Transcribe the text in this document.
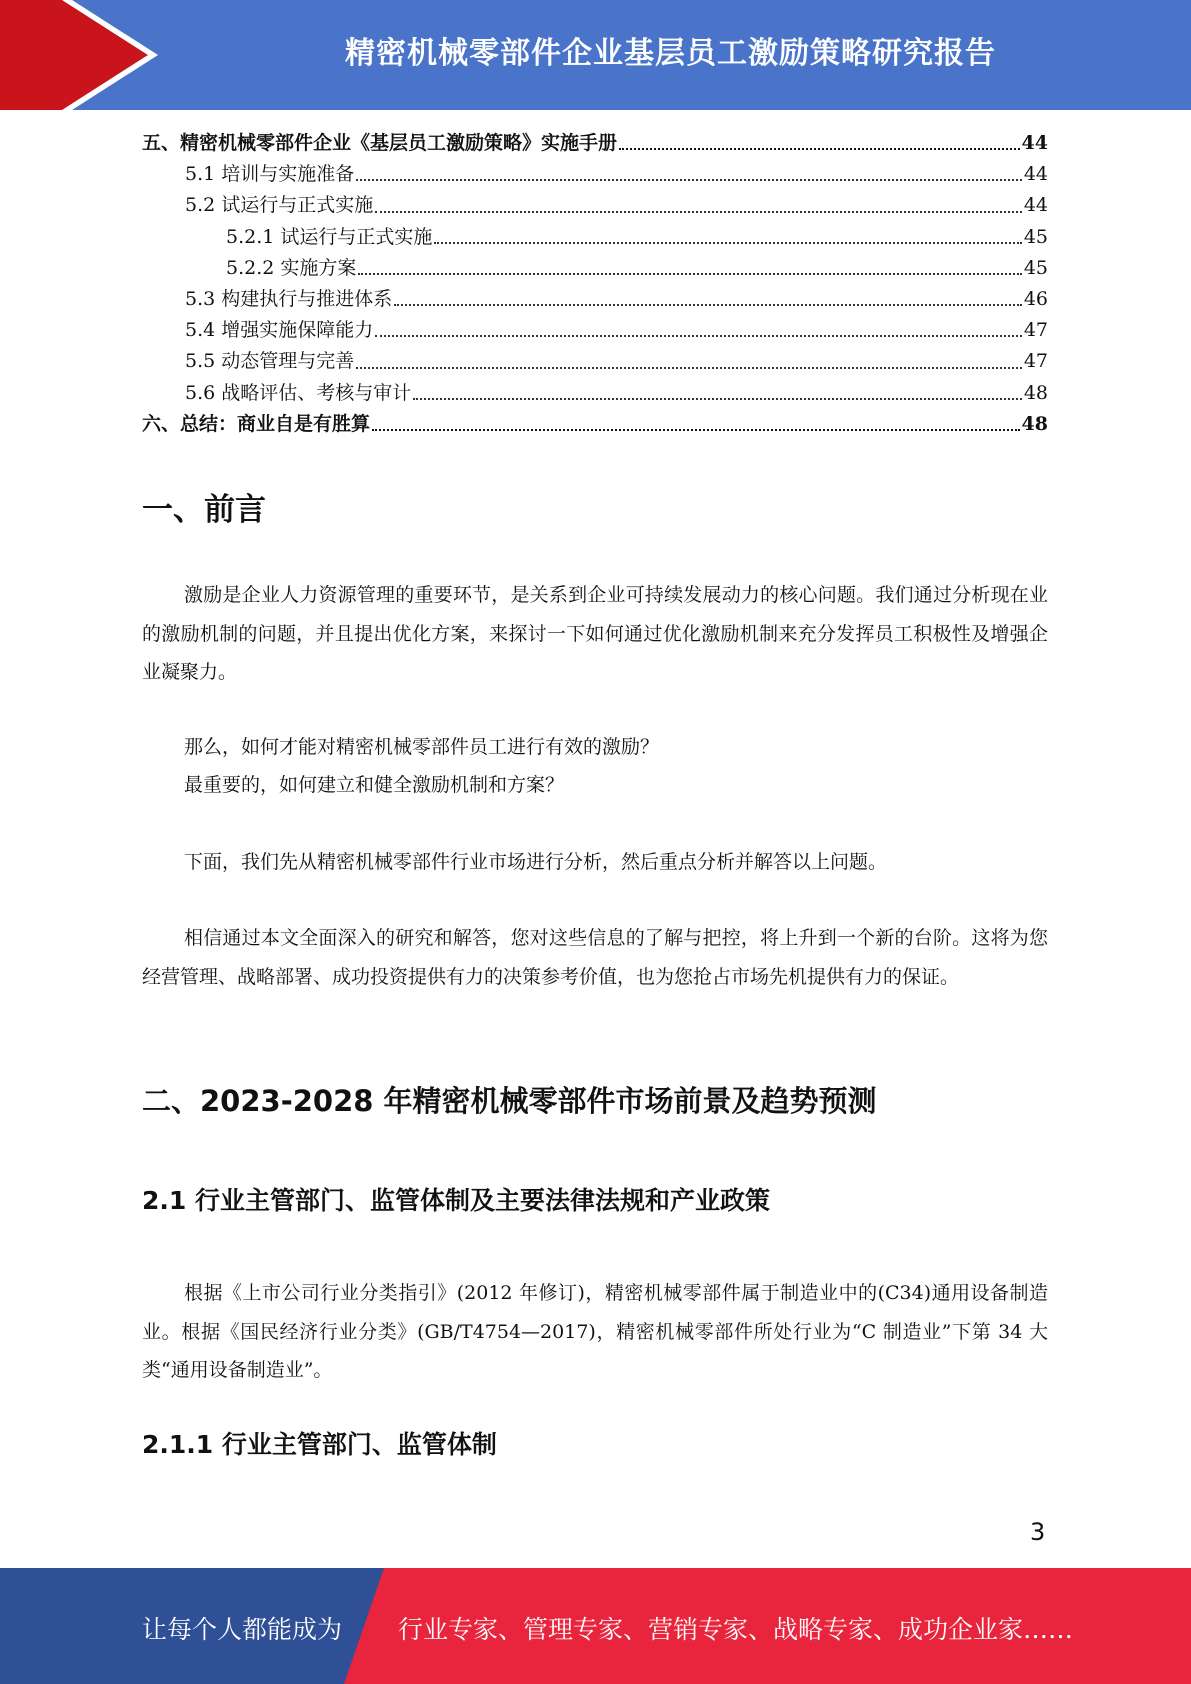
精密机械零部件企业基层员工激励策略研究报告
五、精密机械零部件企业《基层员工激励策略》实施手册	44
5.1 培训与实施准备	44
5.2 试运行与正式实施	44
5.2.1 试运行与正式实施	45
5.2.2 实施方案	45
5.3 构建执行与推进体系	46
5.4 增强实施保障能力	47
5.5 动态管理与完善	47
5.6 战略评估、考核与审计	48
六、总结：商业自是有胜算	48
一、前言

激励是企业人力资源管理的重要环节，是关系到企业可持续发展动力的核心问题。我们通过分析现在业的激励机制的问题，并且提出优化方案，来探讨一下如何通过优化激励机制来充分发挥员工积极性及增强企业凝聚力。

那么，如何才能对精密机械零部件员工进行有效的激励？

最重要的，如何建立和健全激励机制和方案？

下面，我们先从精密机械零部件行业市场进行分析，然后重点分析并解答以上问题。

相信通过本文全面深入的研究和解答，您对这些信息的了解与把控，将上升到一个新的台阶。这将为您经营管理、战略部署、成功投资提供有力的决策参考价值，也为您抢占市场先机提供有力的保证。

二、2023-2028 年精密机械零部件市场前景及趋势预测
2.1 行业主管部门、监管体制及主要法律法规和产业政策

根据《上市公司行业分类指引》(2012 年修订)，精密机械零部件属于制造业中的(C34)通用设备制造业。根据《国民经济行业分类》(GB/T4754—2017)，精密机械零部件所处行业为“C 制造业”下第 34 大类“通用设备制造业”。

2.1.1 行业主管部门、监管体制
3
让每个人都能成为 行业专家、管理专家、营销专家、战略专家、成功企业家……
